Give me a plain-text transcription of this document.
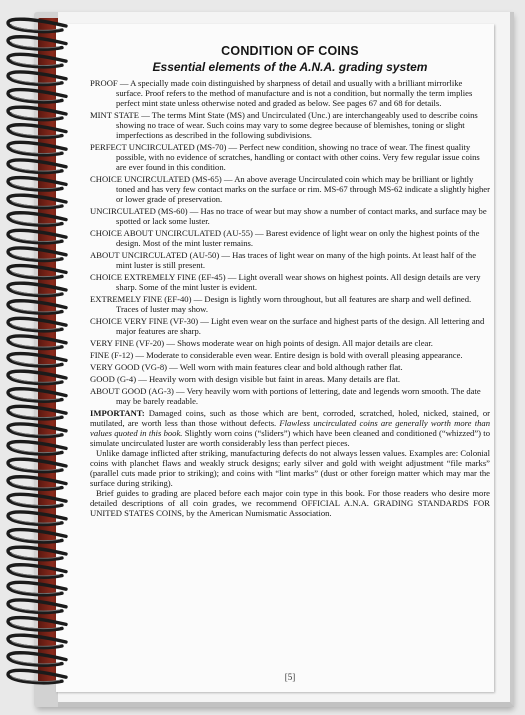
CONDITION OF COINS
Essential elements of the A.N.A. grading system

PROOF — A specially made coin distinguished by sharpness of detail and usually with a brilliant mirrorlike surface. Proof refers to the method of manufacture and is not a condition, but normally the term implies perfect mint state unless otherwise noted and graded as below. See pages 67 and 68 for details.

MINT STATE — The terms Mint State (MS) and Uncirculated (Unc.) are interchangeably used to describe coins showing no trace of wear. Such coins may vary to some degree because of blemishes, toning or slight imperfections as described in the following subdivisions.

PERFECT UNCIRCULATED (MS-70) — Perfect new condition, showing no trace of wear. The finest quality possible, with no evidence of scratches, handling or contact with other coins. Very few regular issue coins are ever found in this condition.

CHOICE UNCIRCULATED (MS-65) — An above average Uncirculated coin which may be brilliant or lightly toned and has very few contact marks on the surface or rim. MS-67 through MS-62 indicate a slightly higher or lower grade of preservation.

UNCIRCULATED (MS-60) — Has no trace of wear but may show a number of contact marks, and surface may be spotted or lack some luster.

CHOICE ABOUT UNCIRCULATED (AU-55) — Barest evidence of light wear on only the highest points of the design. Most of the mint luster remains.

ABOUT UNCIRCULATED (AU-50) — Has traces of light wear on many of the high points. At least half of the mint luster is still present.

CHOICE EXTREMELY FINE (EF-45) — Light overall wear shows on highest points. All design details are very sharp. Some of the mint luster is evident.

EXTREMELY FINE (EF-40) — Design is lightly worn throughout, but all features are sharp and well defined. Traces of luster may show.

CHOICE VERY FINE (VF-30) — Light even wear on the surface and highest parts of the design. All lettering and major features are sharp.

VERY FINE (VF-20) — Shows moderate wear on high points of design. All major details are clear.

FINE (F-12) — Moderate to considerable even wear. Entire design is bold with overall pleasing appearance.

VERY GOOD (VG-8) — Well worn with main features clear and bold although rather flat.

GOOD (G-4) — Heavily worn with design visible but faint in areas. Many details are flat.

ABOUT GOOD (AG-3) — Very heavily worn with portions of lettering, date and legends worn smooth. The date may be barely readable.

IMPORTANT: Damaged coins, such as those which are bent, corroded, scratched, holed, nicked, stained, or mutilated, are worth less than those without defects. Flawless uncirculated coins are generally worth more than values quoted in this book. Slightly worn coins (“sliders”) which have been cleaned and conditioned (“whizzed”) to simulate uncirculated luster are worth considerably less than perfect pieces.

Unlike damage inflicted after striking, manufacturing defects do not always lessen values. Examples are: Colonial coins with planchet flaws and weakly struck designs; early silver and gold with weight adjustment “file marks” (parallel cuts made prior to striking); and coins with “lint marks” (dust or other foreign matter which may mar the surface during striking).

Brief guides to grading are placed before each major coin type in this book. For those readers who desire more detailed descriptions of all coin grades, we recommend OFFICIAL A.N.A. GRADING STANDARDS FOR UNITED STATES COINS, by the American Numismatic Association.

[5]
